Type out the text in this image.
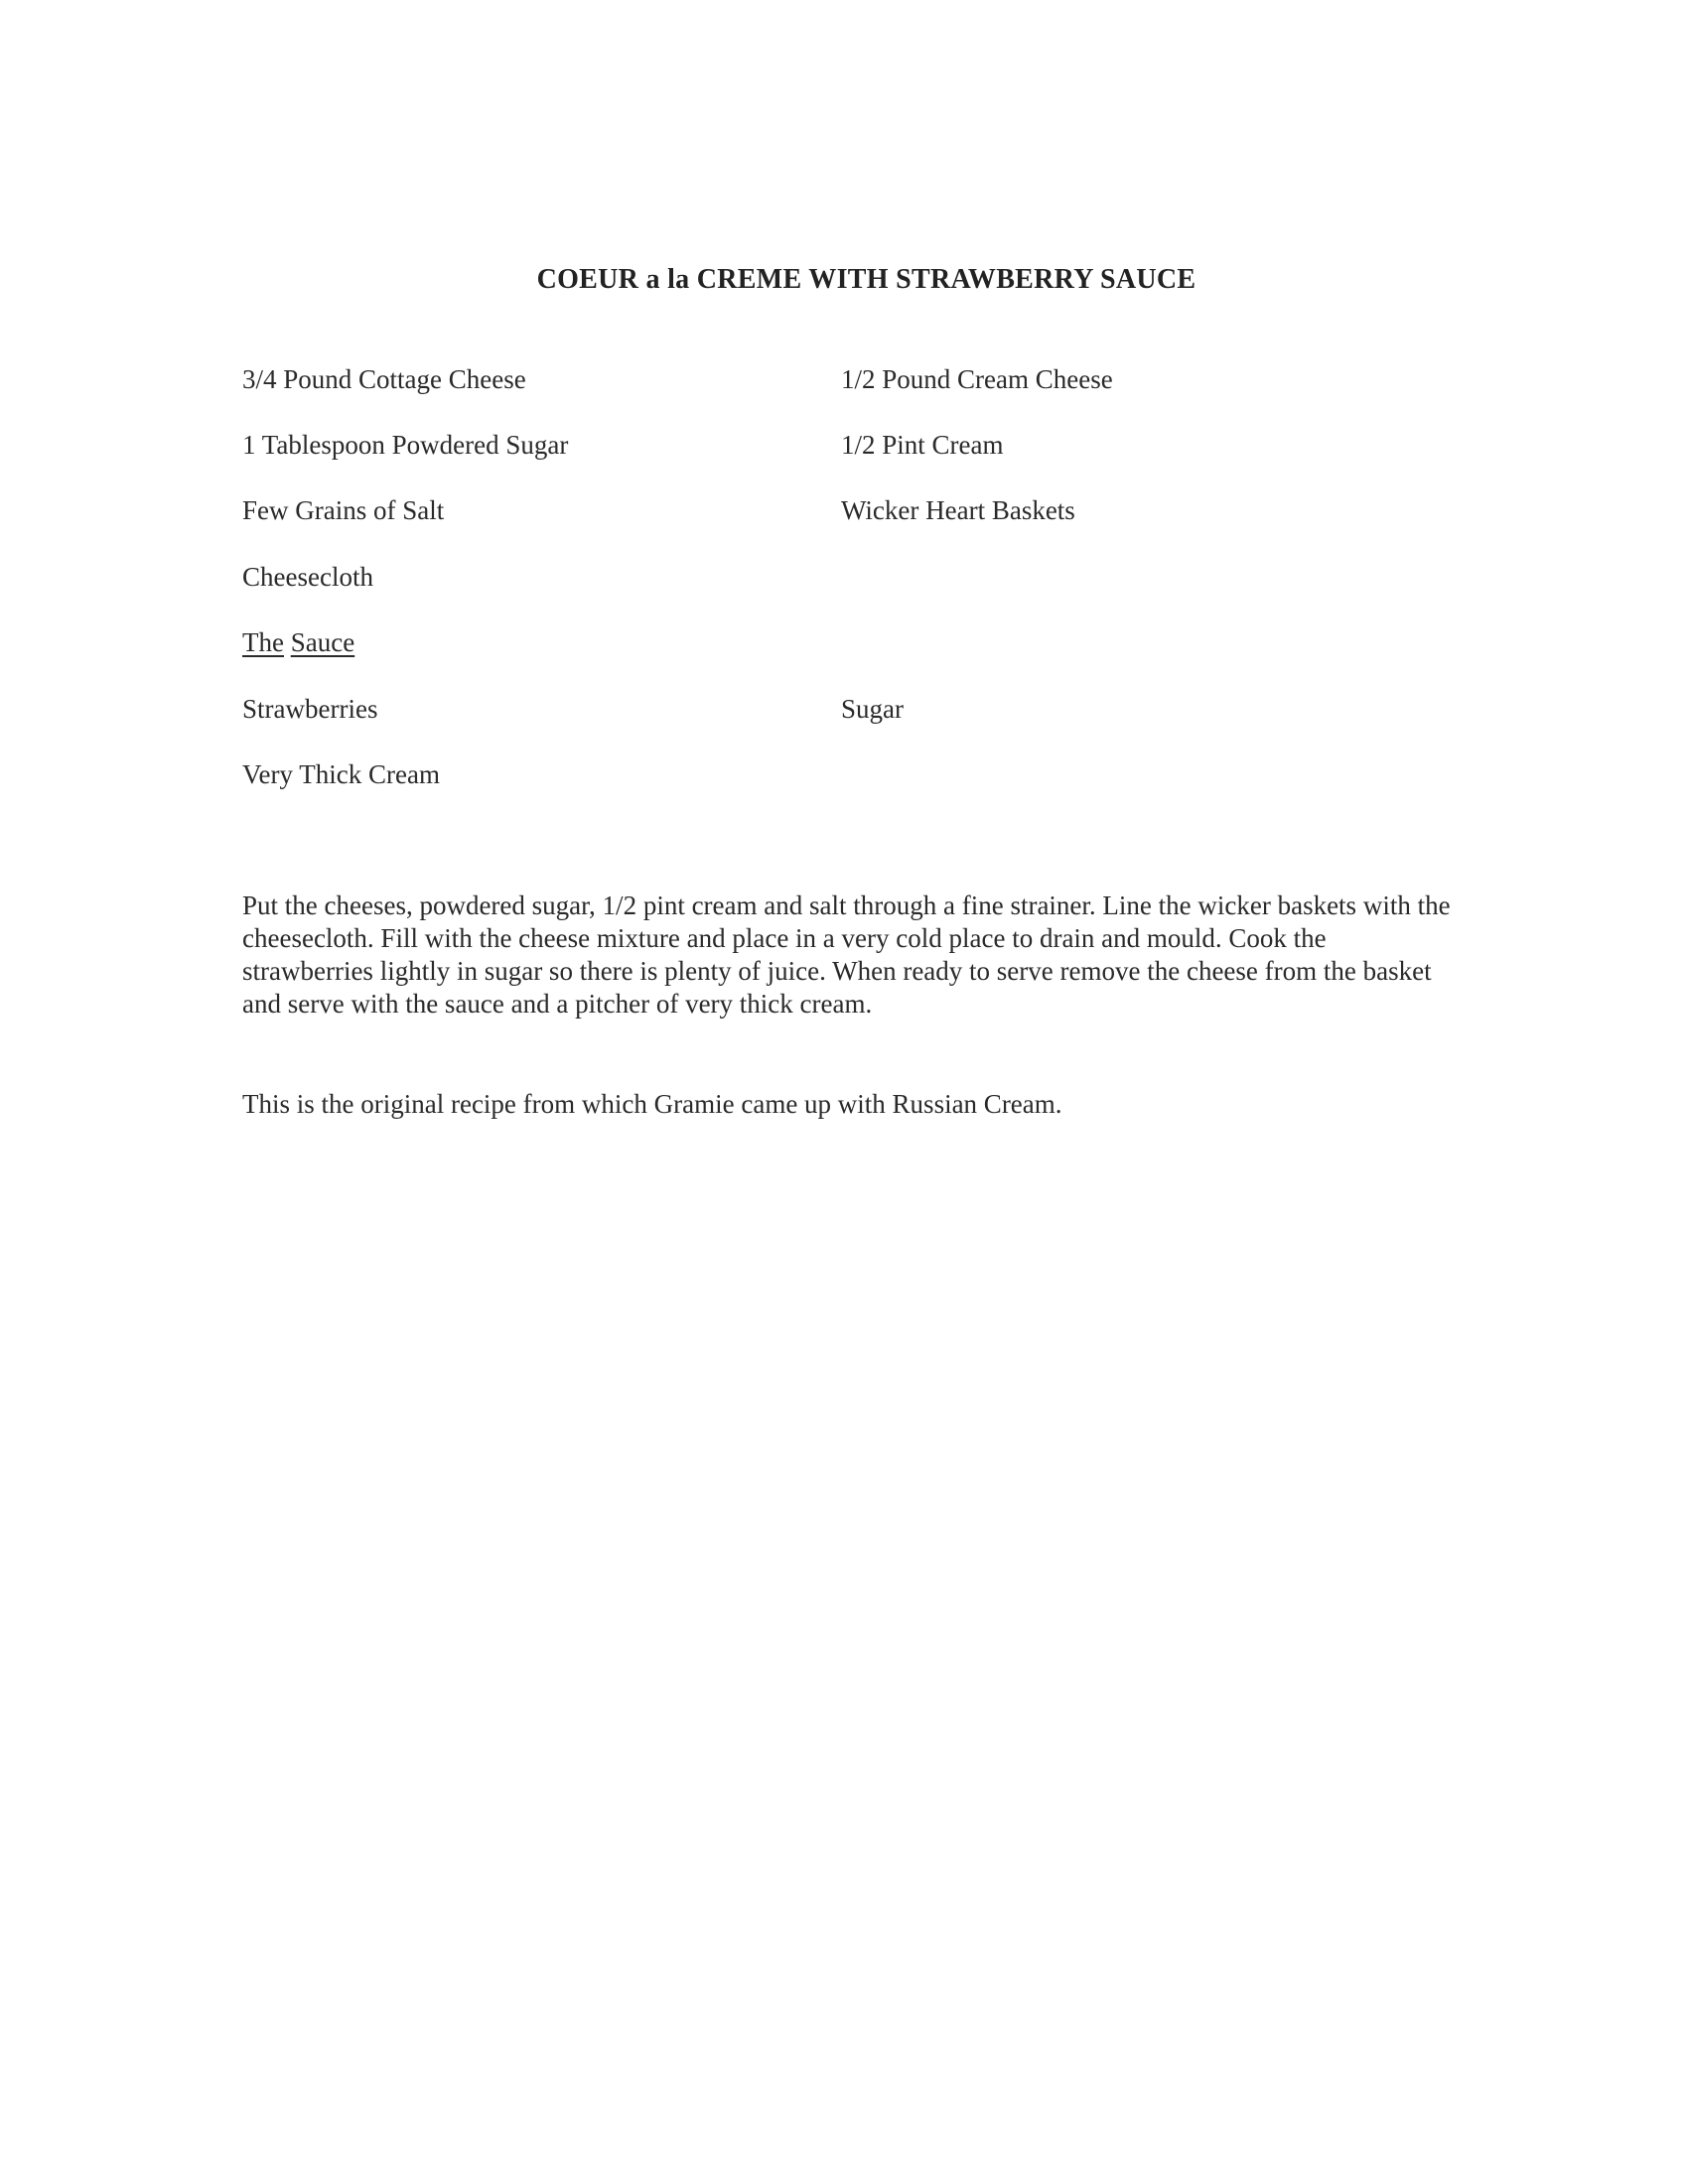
COEUR a la CREME WITH STRAWBERRY SAUCE
3/4 Pound Cottage Cheese	1/2 Pound Cream Cheese
1 Tablespoon Powdered Sugar	1/2 Pint Cream
Few Grains of Salt	Wicker Heart Baskets
Cheesecloth
The Sauce
Strawberries	Sugar
Very Thick Cream
Put the cheeses, powdered sugar, 1/2 pint cream and salt through a fine strainer. Line the wicker baskets with the cheesecloth. Fill with the cheese mixture and place in a very cold place to drain and mould. Cook the strawberries lightly in sugar so there is plenty of juice. When ready to serve remove the cheese from the basket and serve with the sauce and a pitcher of very thick cream.
This is the original recipe from which Gramie came up with Russian Cream.
